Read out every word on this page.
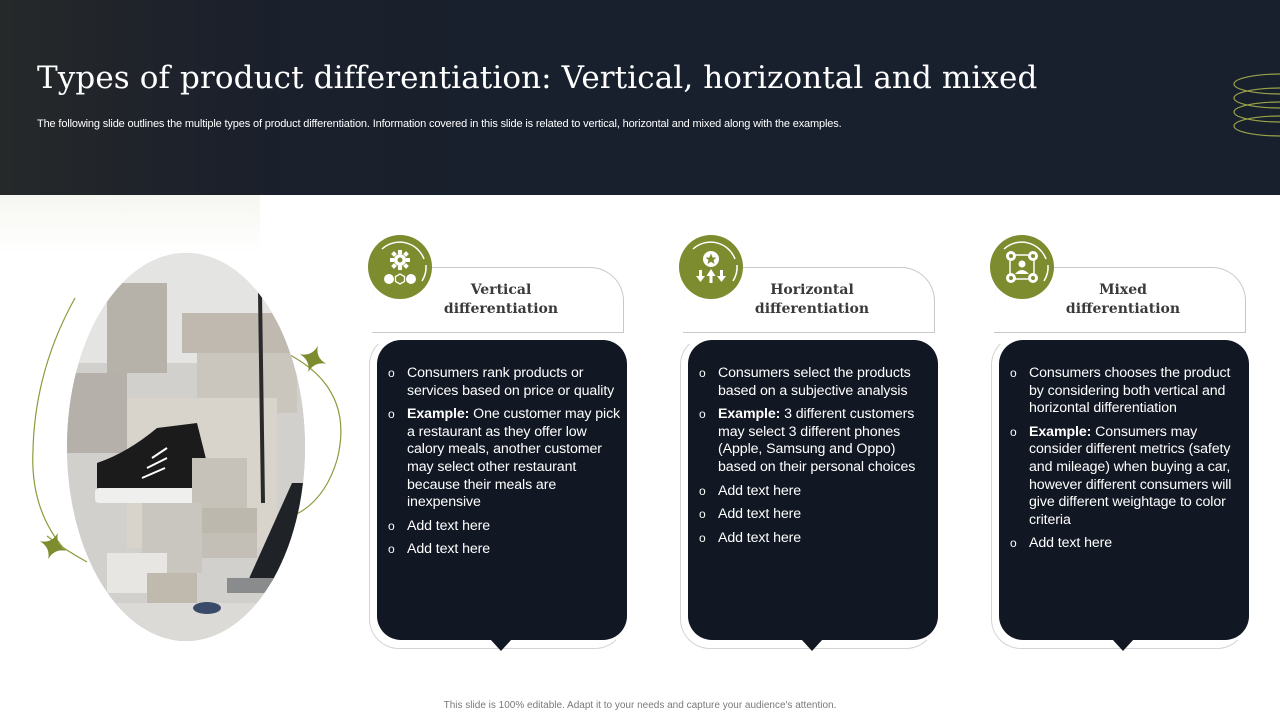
Types of product differentiation: Vertical, horizontal and mixed

The following slide outlines the multiple types of product differentiation. Information covered in this slide is related to vertical, horizontal and mixed along with the examples.

Vertical
differentiation
o Consumers rank products or services based on price or quality
o Example: One customer may pick a restaurant as they offer low calory meals, another customer may select other restaurant because their meals are inexpensive
o Add text here
o Add text here
Horizontal
differentiation
o Consumers select the products based on a subjective analysis
o Example: 3 different customers may select 3 different phones (Apple, Samsung and Oppo) based on their personal choices
o Add text here
o Add text here
o Add text here
Mixed
differentiation
o Consumers chooses the product by considering both vertical and horizontal differentiation
o Example: Consumers may consider different metrics (safety and mileage) when buying a car, however different consumers will give different weightage to color criteria
o Add text here
This slide is 100% editable. Adapt it to your needs and capture your audience's attention.
